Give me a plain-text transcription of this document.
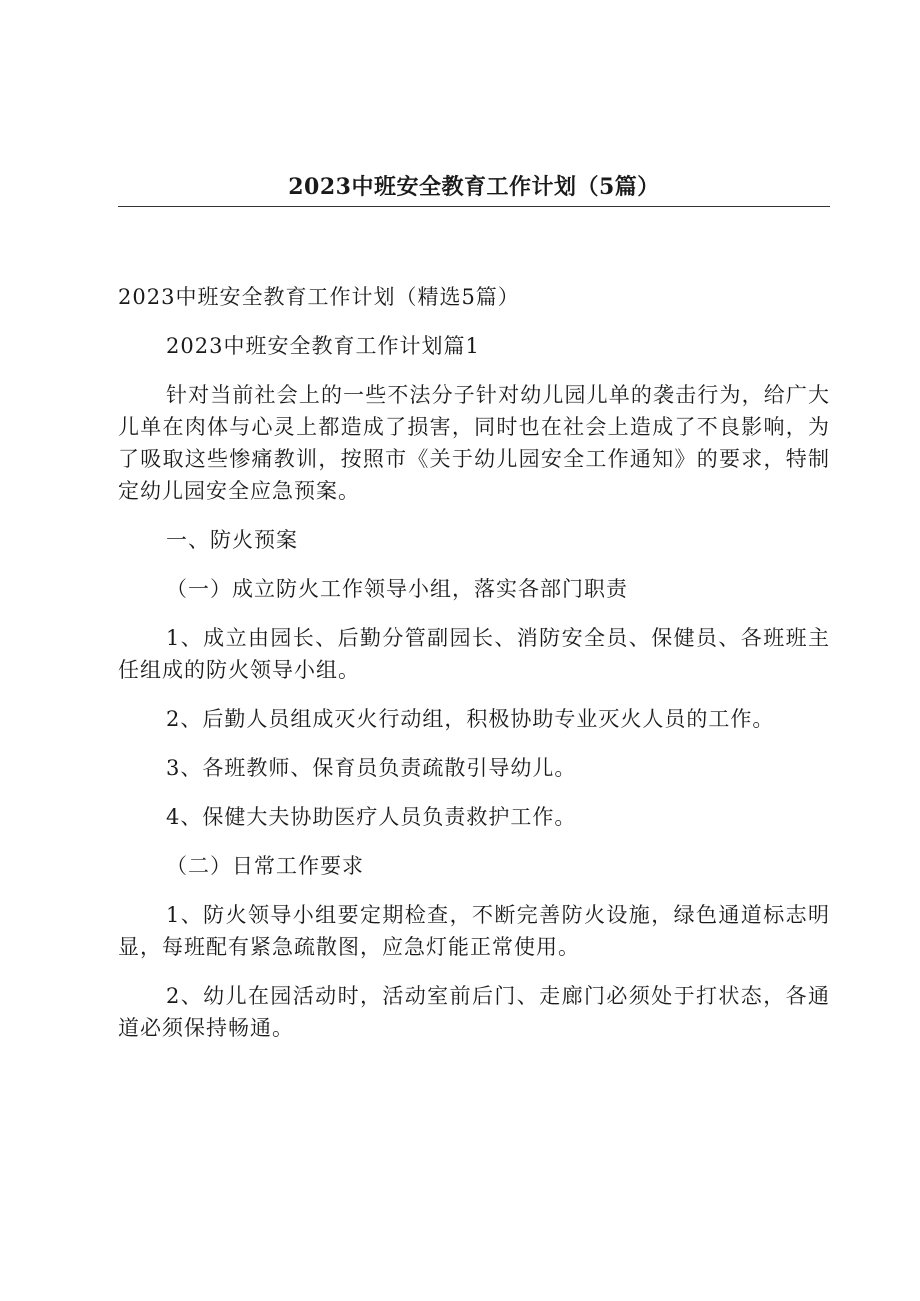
2023中班安全教育工作计划（5篇）

2023中班安全教育工作计划（精选5篇）

2023中班安全教育工作计划篇1

针对当前社会上的一些不法分子针对幼儿园儿单的袭击行为，给广大儿单在肉体与心灵上都造成了损害，同时也在社会上造成了不良影响，为了吸取这些惨痛教训，按照市《关于幼儿园安全工作通知》的要求，特制定幼儿园安全应急预案。

一、防火预案

（一）成立防火工作领导小组，落实各部门职责

1、成立由园长、后勤分管副园长、消防安全员、保健员、各班班主任组成的防火领导小组。

2、后勤人员组成灭火行动组，积极协助专业灭火人员的工作。

3、各班教师、保育员负责疏散引导幼儿。

4、保健大夫协助医疗人员负责救护工作。

（二）日常工作要求

1、防火领导小组要定期检查，不断完善防火设施，绿色通道标志明显，每班配有紧急疏散图，应急灯能正常使用。

2、幼儿在园活动时，活动室前后门、走廊门必须处于打状态，各通道必须保持畅通。
